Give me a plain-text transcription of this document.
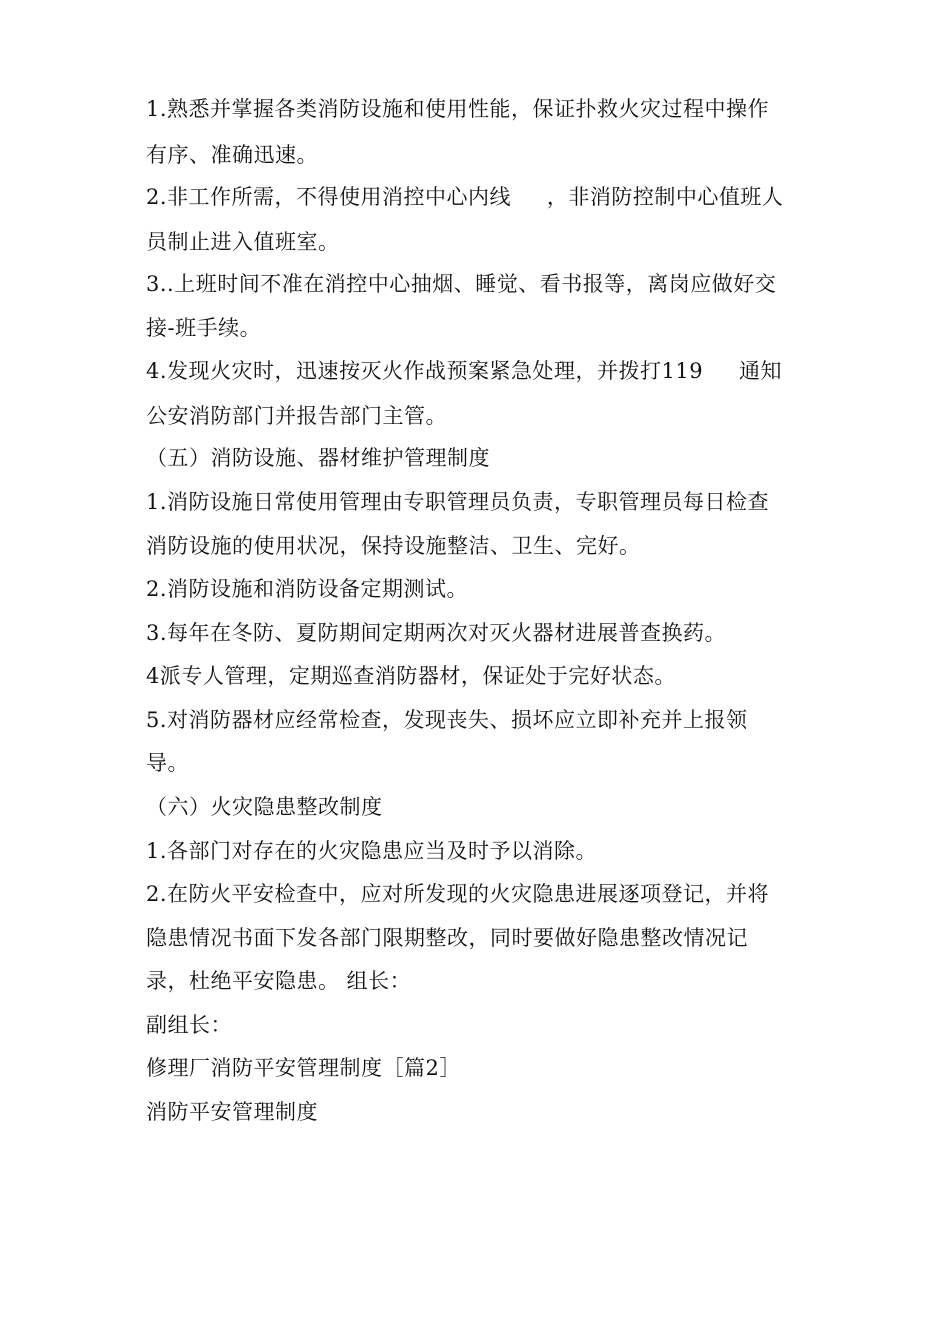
1.熟悉并掌握各类消防设施和使用性能，保证扑救火灾过程中操作
有序、准确迅速。
2.非工作所需，不得使用消控中心内线     ，非消防控制中心值班人
员制止进入值班室。
3..上班时间不准在消控中心抽烟、睡觉、看书报等，离岗应做好交
接-班手续。
4.发现火灾时，迅速按灭火作战预案紧急处理，并拨打119     通知
公安消防部门并报告部门主管。
（五）消防设施、器材维护管理制度
1.消防设施日常使用管理由专职管理员负责，专职管理员每日检查
消防设施的使用状况，保持设施整洁、卫生、完好。
2.消防设施和消防设备定期测试。
3.每年在冬防、夏防期间定期两次对灭火器材进展普查换药。
4派专人管理，定期巡查消防器材，保证处于完好状态。
5.对消防器材应经常检查，发现丧失、损坏应立即补充并上报领
导。
（六）火灾隐患整改制度
1.各部门对存在的火灾隐患应当及时予以消除。
2.在防火平安检查中，应对所发现的火灾隐患进展逐项登记，并将
隐患情况书面下发各部门限期整改，同时要做好隐患整改情况记
录，杜绝平安隐患。 组长：
副组长：
修理厂消防平安管理制度［篇2］
消防平安管理制度
